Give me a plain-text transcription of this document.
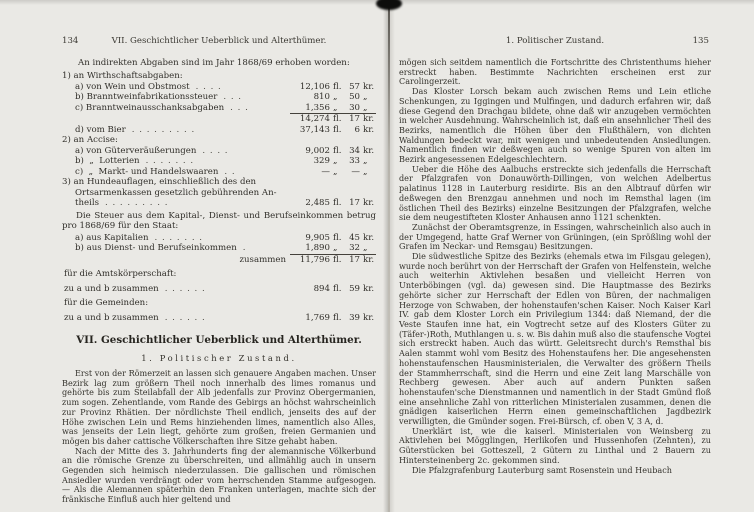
134	VII. Geschichtlicher Ueberblick und Alterthümer.

An indirekten Abgaben sind im Jahr 1868/69 erhoben worden:

1) an Wirthschaftsabgaben:
a) von Wein und Obstmost . . . .	12,106 fl. 57 kr.
b) Branntweinfabrikationssteuer . . .	810 „	50 „
c) Branntweinausschanksabgaben . . .	1,356 „	30 „
14,274 fl. 17 kr.
d) vom Bier . . . . . . . . .	37,143 fl.	6 kr.
2) an Accise:
a) von Güterveräußerungen . . . .	9,002 fl. 34 kr.
b)  „  Lotterien . . . . . . .	329 „	33 „
c)  „  Markt- und Handelswaaren . .	— „	— „
3) an Hundeauflagen, einschließlich des den
Ortsarmenkassen gesetzlich gebührenden An-
theils . . . . . . . . .	2,485 fl. 17 kr.
Die Steuer aus dem Kapital-, Dienst- und Berufseinkommen betrug pro 1868/69 für den Staat:
a) aus Kapitalien . . . . . . .	9,905 fl. 45 kr.
b) aus Dienst- und Berufseinkommen .	1,890 „	32 „
zusammen	11,796 fl. 17 kr.
für die Amtskörperschaft:
zu a und b zusammen . . . . . .	894 fl. 59 kr.
für die Gemeinden:
zu a und b zusammen . . . . . .	1,769 fl. 39 kr.
VII. Geschichtlicher Ueberblick und Alterthümer.
1. Politischer Zustand.

Erst von der Römerzeit an lassen sich genauere Angaben machen. Unser Bezirk lag zum größern Theil noch innerhalb des limes romanus und gehörte bis zum Steilabfall der Alb jedenfalls zur Provinz Obergermanien, zum sogen. Zehentlande, vom Rande des Gebirgs an höchst wahrscheinlich zur Provinz Rhätien. Der nördlichste Theil endlich, jenseits des auf der Höhe zwischen Lein und Rems hinziehenden limes, namentlich also Alles, was jenseits der Lein liegt, gehörte zum großen, freien Germanien und mögen bis daher cattische Völkerschaften ihre Sitze gehabt haben.

Nach der Mitte des 3. Jahrhunderts fing der alemannische Völkerbund an die römische Grenze zu überschreiten, und allmählig auch in unsern Gegenden sich heimisch niederzulassen. Die gallischen und römischen Ansiedler wurden verdrängt oder vom herrschenden Stamme aufgesogen. — Als die Alemannen späterhin den Franken unterlagen, machte sich der fränkische Einfluß auch hier geltend und

1. Politischer Zustand.	135

mögen sich seitdem namentlich die Fortschritte des Christenthums hieher erstreckt haben. Bestimmte Nachrichten erscheinen erst zur Carolingerzeit.

Das Kloster Lorsch bekam auch zwischen Rems und Lein etliche Schenkungen, zu Iggingen und Mulfingen, und dadurch erfahren wir, daß diese Gegend den Drachgau bildete, ohne daß wir anzugeben vermöchten in welcher Ausdehnung. Wahrscheinlich ist, daß ein ansehnlicher Theil des Bezirks, namentlich die Höhen über den Flußthälern, von dichten Waldungen bedeckt war, mit wenigen und unbedeutenden Ansiedlungen. Namentlich finden wir deßwegen auch so wenige Spuren von alten im Bezirk angesessenen Edelgeschlechtern.

Ueber die Höhe des Aalbuchs erstreckte sich jedenfalls die Herrschaft der Pfalzgrafen von Donauwörth-Dillingen, von welchen Adelbertus palatinus 1128 in Lauterburg residirte. Bis an den Albtrauf dürfen wir deßwegen den Brenzgau annehmen und noch im Remsthal lagen (im östlichen Theil des Bezirks) einzelne Besitzungen der Pfalzgrafen, welche sie dem neugestifteten Kloster Anhausen anno 1121 schenkten.

Zunächst der Oberamtsgrenze, in Essingen, wahrscheinlich also auch in der Umgegend, hatte Graf Werner von Grüningen, (ein Sprößling wohl der Grafen im Neckar- und Remsgau) Besitzungen.

Die südwestliche Spitze des Bezirks (ehemals etwa im Filsgau gelegen), wurde noch berührt von der Herrschaft der Grafen von Helfenstein, welche auch weiterhin Aktivlehen besaßen und vielleicht Herren von Unterböbingen (vgl. da) gewesen sind. Die Hauptmasse des Bezirks gehörte sicher zur Herrschaft der Edlen von Büren, der nachmaligen Herzoge von Schwaben, der hohenstaufen'schen Kaiser. Noch Kaiser Karl IV. gab dem Kloster Lorch ein Privilegium 1344: daß Niemand, der die Veste Staufen inne hat, ein Vogtrecht setze auf des Klosters Güter zu (Täfer-)Roth, Muthlangen u. s. w. Bis dahin muß also die staufensche Vogtei sich erstreckt haben. Auch das württ. Geleitsrecht durch's Remsthal bis Aalen stammt wohl vom Besitz des Hohenstaufens her. Die angesehensten hohenstaufenschen Hausministerialen, die Verwalter des größern Theils der Stammherrschaft, sind die Herrn und eine Zeit lang Marschälle von Rechberg gewesen. Aber auch auf andern Punkten saßen hohenstaufen'sche Dienstmannen und namentlich in der Stadt Gmünd floß eine ansehnliche Zahl von ritterlichen Ministerialen zusammen, denen die gnädigen kaiserlichen Herrn einen gemeinschaftlichen Jagdbezirk verwilligten, die Gmünder sogen. Frei-Bürsch, cf. oben V, 3 A, d.

Unerklärt ist, wie die kaiserl. Ministerialen von Weinsberg zu Aktivlehen bei Mögglingen, Herlikofen und Hussenhofen (Zehnten), zu Güterstücken bei Gotteszell, 2 Gütern zu Linthal und 2 Bauern zu Hintersteinenberg 2c. gekommen sind.

Die Pfalzgrafenburg Lauterburg samt Rosenstein und Heubach
